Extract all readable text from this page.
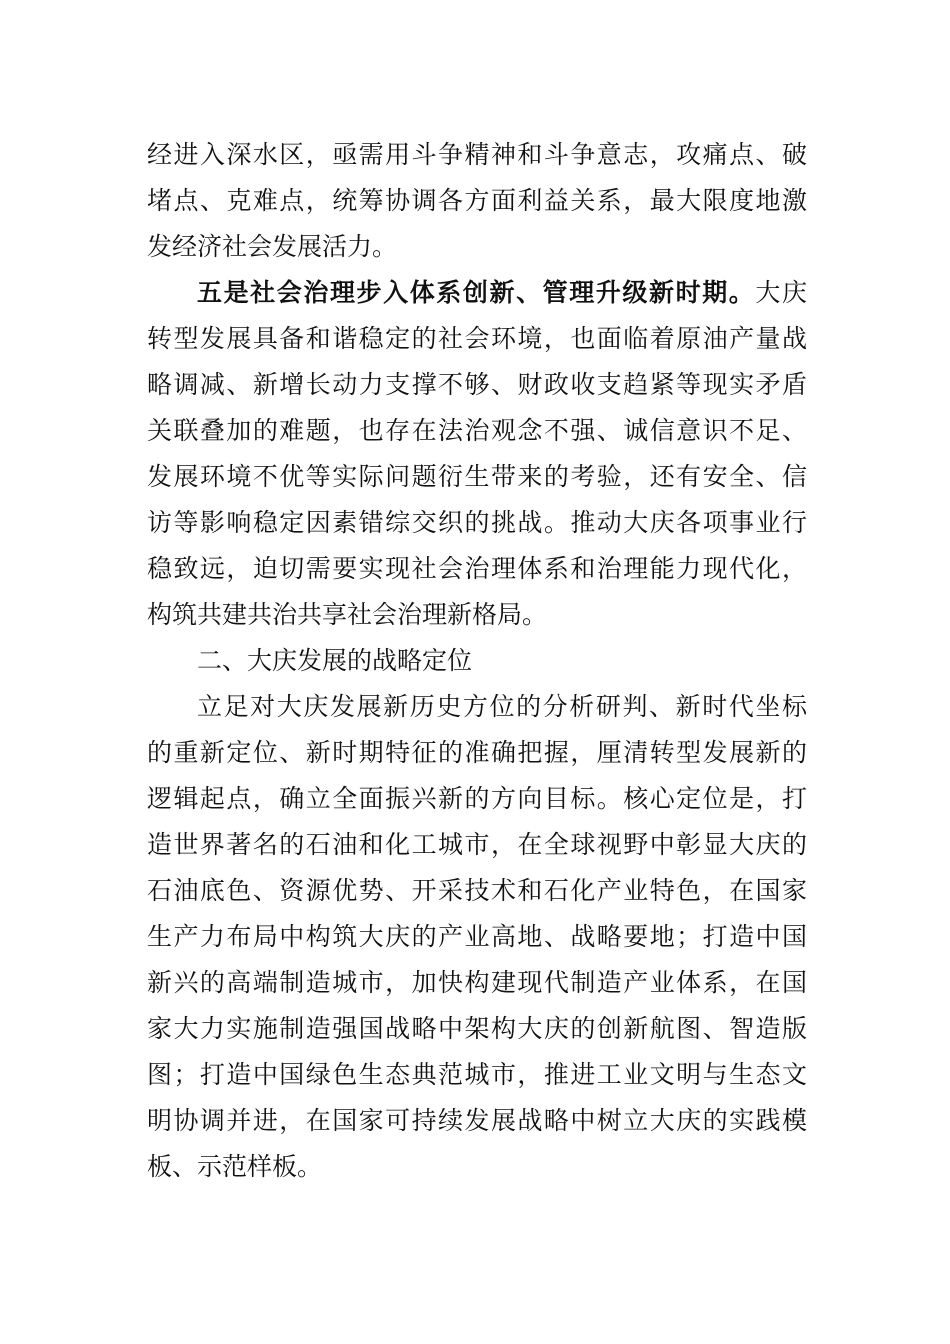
经进入深水区，亟需用斗争精神和斗争意志，攻痛点、破
堵点、克难点，统筹协调各方面利益关系，最大限度地激
发经济社会发展活力。
五是社会治理步入体系创新、管理升级新时期。大庆
转型发展具备和谐稳定的社会环境，也面临着原油产量战
略调减、新增长动力支撑不够、财政收支趋紧等现实矛盾
关联叠加的难题，也存在法治观念不强、诚信意识不足、
发展环境不优等实际问题衍生带来的考验，还有安全、信
访等影响稳定因素错综交织的挑战。推动大庆各项事业行
稳致远，迫切需要实现社会治理体系和治理能力现代化，
构筑共建共治共享社会治理新格局。
二、大庆发展的战略定位
立足对大庆发展新历史方位的分析研判、新时代坐标
的重新定位、新时期特征的准确把握，厘清转型发展新的
逻辑起点，确立全面振兴新的方向目标。核心定位是，打
造世界著名的石油和化工城市，在全球视野中彰显大庆的
石油底色、资源优势、开采技术和石化产业特色，在国家
生产力布局中构筑大庆的产业高地、战略要地；打造中国
新兴的高端制造城市，加快构建现代制造产业体系，在国
家大力实施制造强国战略中架构大庆的创新航图、智造版
图；打造中国绿色生态典范城市，推进工业文明与生态文
明协调并进，在国家可持续发展战略中树立大庆的实践模
板、示范样板。
